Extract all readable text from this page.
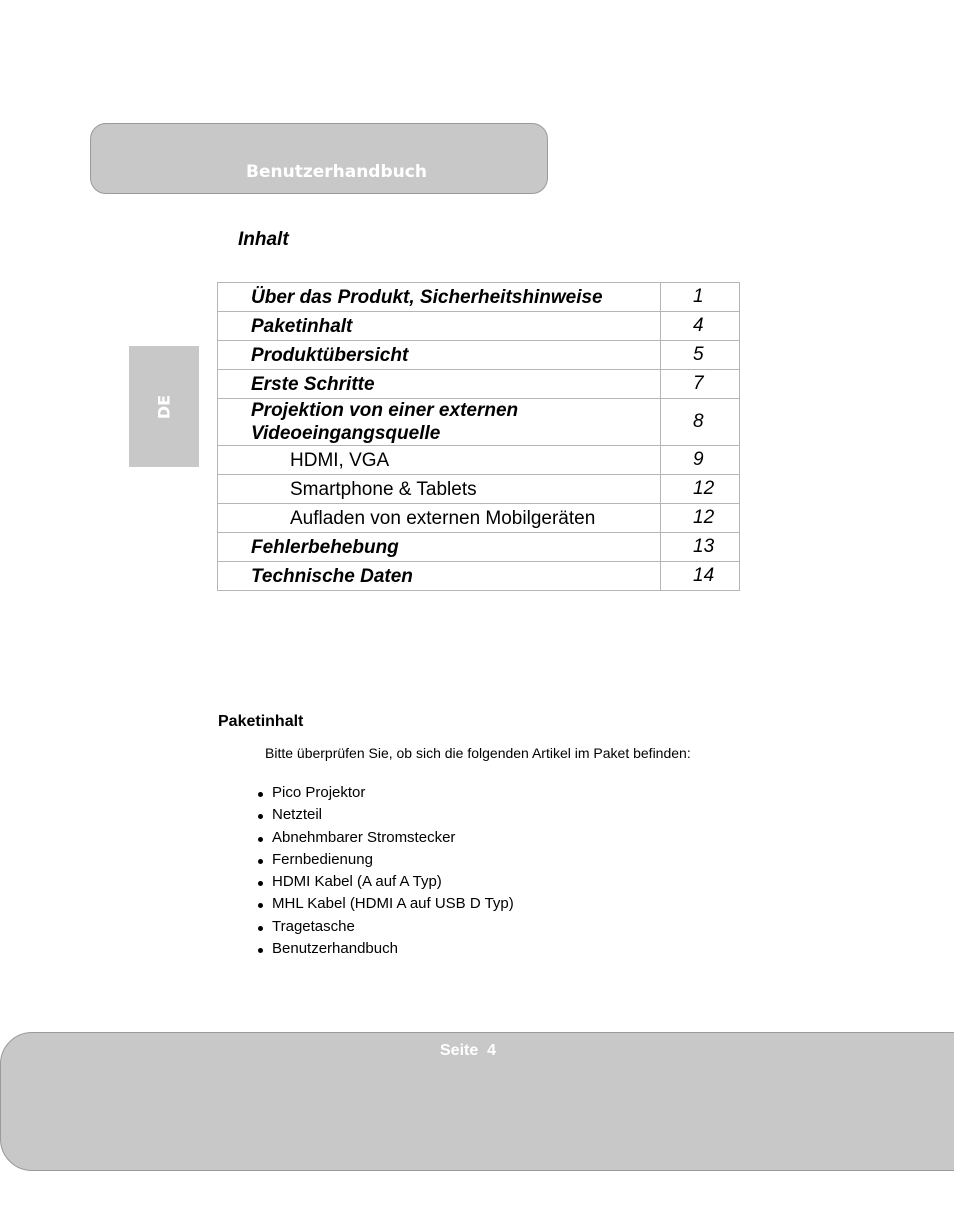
Benutzerhandbuch
DE
Inhalt
Über das Produkt, Sicherheitshinweise	1

Paketinhalt	4

Produktübersicht	5

Erste Schritte	7

Projektion von einer externen
Videoeingangsquelle	8

HDMI, VGA	9

Smartphone & Tablets	12

Aufladen von externen Mobilgeräten	12

Fehlerbehebung	13

Technische Daten	14
Paketinhalt
Bitte überprüfen Sie, ob sich die folgenden Artikel im Paket befinden:
Pico Projektor
Netzteil
Abnehmbarer Stromstecker
Fernbedienung
HDMI Kabel (A auf A Typ)
MHL Kabel (HDMI A auf USB D Typ)
Tragetasche
Benutzerhandbuch
Seite  4
